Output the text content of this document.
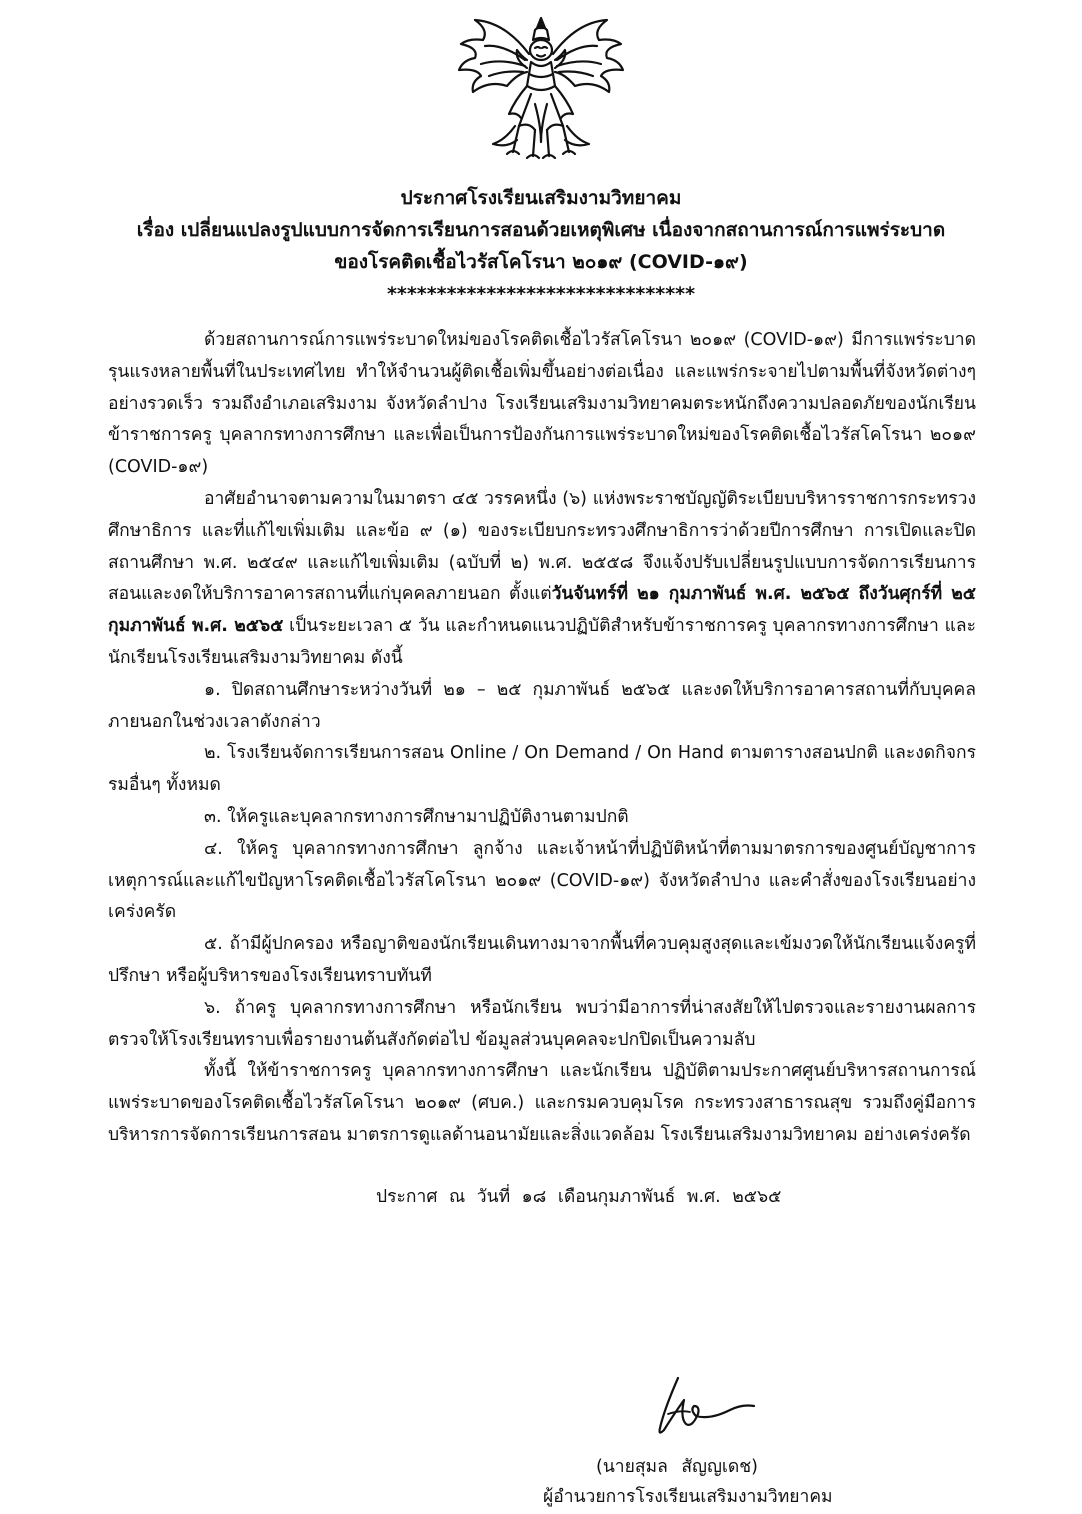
ประกาศโรงเรียนเสริมงามวิทยาคม
เรื่อง เปลี่ยนแปลงรูปแบบการจัดการเรียนการสอนด้วยเหตุพิเศษ เนื่องจากสถานการณ์การแพร่ระบาด
ของโรคติดเชื้อไวรัสโคโรนา ๒๐๑๙ (COVID-๑๙)
*******************************

ด้วยสถานการณ์การแพร่ระบาดใหม่ของโรคติดเชื้อไวรัสโคโรนา ๒๐๑๙ (COVID-๑๙) มีการแพร่ระบาดรุนแรงหลายพื้นที่ในประเทศไทย ทำให้จำนวนผู้ติดเชื้อเพิ่มขึ้นอย่างต่อเนื่อง และแพร่กระจายไปตามพื้นที่จังหวัดต่างๆ อย่างรวดเร็ว รวมถึงอำเภอเสริมงาม จังหวัดลำปาง โรงเรียนเสริมงามวิทยาคมตระหนักถึงความปลอดภัยของนักเรียน ข้าราชการครู บุคลากรทางการศึกษา และเพื่อเป็นการป้องกันการแพร่ระบาดใหม่ของโรคติดเชื้อไวรัสโคโรนา ๒๐๑๙ (COVID-๑๙)

อาศัยอำนาจตามความในมาตรา ๔๕ วรรคหนึ่ง (๖) แห่งพระราชบัญญัติระเบียบบริหารราชการกระทรวงศึกษาธิการ และที่แก้ไขเพิ่มเติม และข้อ ๙ (๑) ของระเบียบกระทรวงศึกษาธิการว่าด้วยปีการศึกษา การเปิดและปิดสถานศึกษา พ.ศ. ๒๕๔๙ และแก้ไขเพิ่มเติม (ฉบับที่ ๒) พ.ศ. ๒๕๕๘ จึงแจ้งปรับเปลี่ยนรูปแบบการจัดการเรียนการสอนและงดให้บริการอาคารสถานที่แก่บุคคลภายนอก ตั้งแต่วันจันทร์ที่ ๒๑ กุมภาพันธ์ พ.ศ. ๒๕๖๕ ถึงวันศุกร์ที่ ๒๕ กุมภาพันธ์ พ.ศ. ๒๕๖๕ เป็นระยะเวลา ๕ วัน และกำหนดแนวปฏิบัติสำหรับข้าราชการครู บุคลากรทางการศึกษา และนักเรียนโรงเรียนเสริมงามวิทยาคม ดังนี้

๑. ปิดสถานศึกษาระหว่างวันที่ ๒๑ – ๒๕ กุมภาพันธ์ ๒๕๖๕ และงดให้บริการอาคารสถานที่กับบุคคลภายนอกในช่วงเวลาดังกล่าว

๒. โรงเรียนจัดการเรียนการสอน Online / On Demand / On Hand ตามตารางสอนปกติ และงดกิจกรรมอื่นๆ ทั้งหมด

๓. ให้ครูและบุคลากรทางการศึกษามาปฏิบัติงานตามปกติ

๔. ให้ครู บุคลากรทางการศึกษา ลูกจ้าง และเจ้าหน้าที่ปฏิบัติหน้าที่ตามมาตรการของศูนย์บัญชาการเหตุการณ์และแก้ไขปัญหาโรคติดเชื้อไวรัสโคโรนา ๒๐๑๙ (COVID-๑๙) จังหวัดลำปาง และคำสั่งของโรงเรียนอย่างเคร่งครัด

๕. ถ้ามีผู้ปกครอง หรือญาติของนักเรียนเดินทางมาจากพื้นที่ควบคุมสูงสุดและเข้มงวดให้นักเรียนแจ้งครูที่ปรึกษา หรือผู้บริหารของโรงเรียนทราบทันที

๖. ถ้าครู บุคลากรทางการศึกษา หรือนักเรียน พบว่ามีอาการที่น่าสงสัยให้ไปตรวจและรายงานผลการตรวจให้โรงเรียนทราบเพื่อรายงานต้นสังกัดต่อไป ข้อมูลส่วนบุคคลจะปกปิดเป็นความลับ

ทั้งนี้ ให้ข้าราชการครู บุคลากรทางการศึกษา และนักเรียน ปฏิบัติตามประกาศศูนย์บริหารสถานการณ์แพร่ระบาดของโรคติดเชื้อไวรัสโคโรนา ๒๐๑๙ (ศบค.) และกรมควบคุมโรค กระทรวงสาธารณสุข รวมถึงคู่มือการบริหารการจัดการเรียนการสอน มาตรการดูแลด้านอนามัยและสิ่งแวดล้อม โรงเรียนเสริมงามวิทยาคม อย่างเคร่งครัด

ประกาศ ณ วันที่ ๑๘ เดือนกุมภาพันธ์ พ.ศ. ๒๕๖๕
(นายสุมล สัญญเดช)
ผู้อำนวยการโรงเรียนเสริมงามวิทยาคม
